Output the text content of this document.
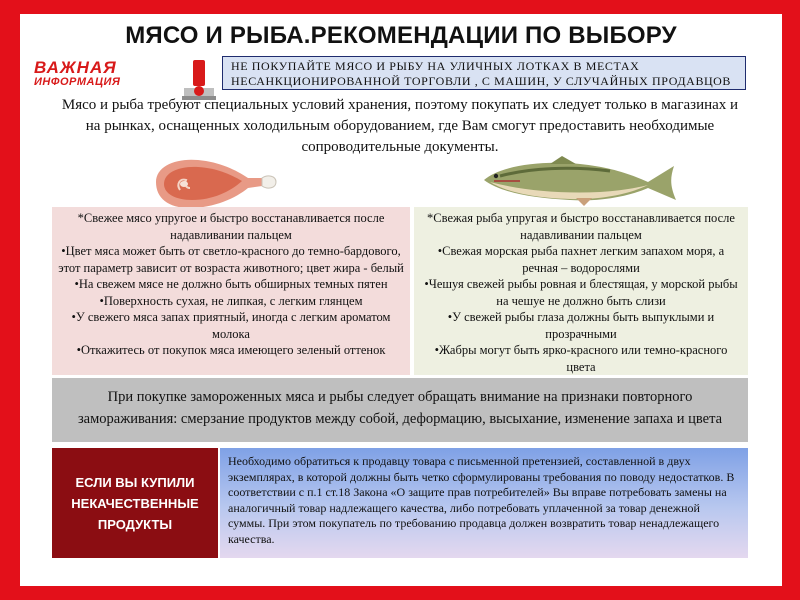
МЯСО И РЫБА.РЕКОМЕНДАЦИИ ПО ВЫБОРУ
ВАЖНАЯ
ИНФОРМАЦИЯ
НЕ ПОКУПАЙТЕ МЯСО И РЫБУ НА УЛИЧНЫХ ЛОТКАХ В МЕСТАХ НЕСАНКЦИОНИРОВАННОЙ ТОРГОВЛИ , С МАШИН, У СЛУЧАЙНЫХ ПРОДАВЦОВ
Мясо и рыба требуют специальных условий хранения, поэтому покупать их следует только в магазинах и на рынках, оснащенных холодильным оборудованием, где Вам смогут предоставить необходимые сопроводительные документы.

*Свежее мясо упругое и быстро восстанавливается после надавливании пальцем

•Цвет мяса может быть от светло-красного до темно-бардового, этот параметр зависит от возраста животного; цвет жира - белый

•На свежем мясе не должно быть обширных темных пятен

•Поверхность сухая, не липкая, с легким глянцем

•У свежего мяса запах приятный, иногда с легким ароматом молока

•Откажитесь от покупок мяса имеющего зеленый оттенок

*Свежая рыба упругая и быстро восстанавливается после надавливании пальцем

•Свежая морская рыба пахнет легким запахом моря, а речная – водорослями

•Чешуя свежей рыбы ровная и блестящая, у морской рыбы на чешуе не должно быть слизи

•У свежей рыбы глаза должны быть выпуклыми и прозрачными

•Жабры могут быть ярко-красного или темно-красного цвета

При покупке замороженных мяса и рыбы следует обращать внимание на признаки повторного замораживания: смерзание продуктов между собой, деформацию, высыхание, изменение запаха и цвета
ЕСЛИ ВЫ КУПИЛИ НЕКАЧЕСТВЕННЫЕ ПРОДУКТЫ
Необходимо обратиться к продавцу товара с письменной претензией, составленной в двух экземплярах, в которой должны быть четко сформулированы требования по поводу недостатков. В соответствии с п.1 ст.18 Закона «О защите прав потребителей» Вы вправе потребовать замены на аналогичный товар надлежащего качества, либо потребовать уплаченной за товар денежной суммы. При этом покупатель по требованию продавца должен возвратить товар ненадлежащего качества.
